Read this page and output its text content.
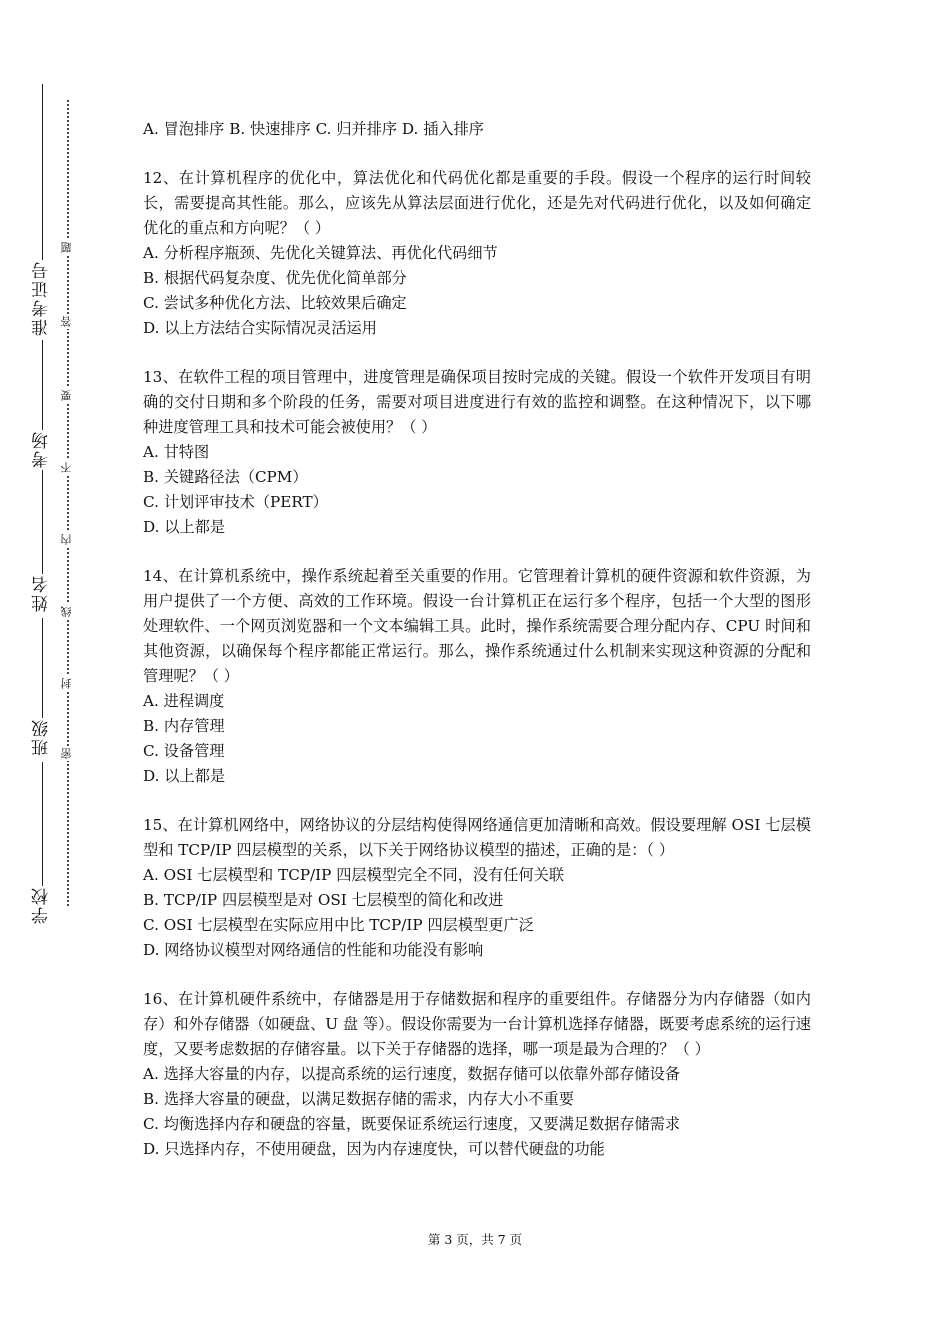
准考证号
考场
姓名
班级
学校
题
答
要
不
内
线
封
密

A. 冒泡排序 B. 快速排序 C. 归并排序 D. 插入排序

12、在计算机程序的优化中，算法优化和代码优化都是重要的手段。假设一个程序的运行时间较长，需要提高其性能。那么，应该先从算法层面进行优化，还是先对代码进行优化，以及如何确定优化的重点和方向呢？（ ）

A. 分析程序瓶颈、先优化关键算法、再优化代码细节

B. 根据代码复杂度、优先优化简单部分

C. 尝试多种优化方法、比较效果后确定

D. 以上方法结合实际情况灵活运用

13、在软件工程的项目管理中，进度管理是确保项目按时完成的关键。假设一个软件开发项目有明确的交付日期和多个阶段的任务，需要对项目进度进行有效的监控和调整。在这种情况下，以下哪种进度管理工具和技术可能会被使用？（ ）

A. 甘特图

B. 关键路径法（CPM）

C. 计划评审技术（PERT）

D. 以上都是

14、在计算机系统中，操作系统起着至关重要的作用。它管理着计算机的硬件资源和软件资源，为用户提供了一个方便、高效的工作环境。假设一台计算机正在运行多个程序，包括一个大型的图形处理软件、一个网页浏览器和一个文本编辑工具。此时，操作系统需要合理分配内存、CPU 时间和其他资源，以确保每个程序都能正常运行。那么，操作系统通过什么机制来实现这种资源的分配和管理呢？（ ）

A. 进程调度

B. 内存管理

C. 设备管理

D. 以上都是

15、在计算机网络中，网络协议的分层结构使得网络通信更加清晰和高效。假设要理解 OSI 七层模型和 TCP/IP 四层模型的关系，以下关于网络协议模型的描述，正确的是：（ ）

A. OSI 七层模型和 TCP/IP 四层模型完全不同，没有任何关联

B. TCP/IP 四层模型是对 OSI 七层模型的简化和改进

C. OSI 七层模型在实际应用中比 TCP/IP 四层模型更广泛

D. 网络协议模型对网络通信的性能和功能没有影响

16、在计算机硬件系统中，存储器是用于存储数据和程序的重要组件。存储器分为内存储器（如内存）和外存储器（如硬盘、U 盘 等）。假设你需要为一台计算机选择存储器，既要考虑系统的运行速度，又要考虑数据的存储容量。以下关于存储器的选择，哪一项是最为合理的？（ ）

A. 选择大容量的内存，以提高系统的运行速度，数据存储可以依靠外部存储设备

B. 选择大容量的硬盘，以满足数据存储的需求，内存大小不重要

C. 均衡选择内存和硬盘的容量，既要保证系统运行速度，又要满足数据存储需求

D. 只选择内存，不使用硬盘，因为内存速度快，可以替代硬盘的功能

第 3 页，共 7 页
